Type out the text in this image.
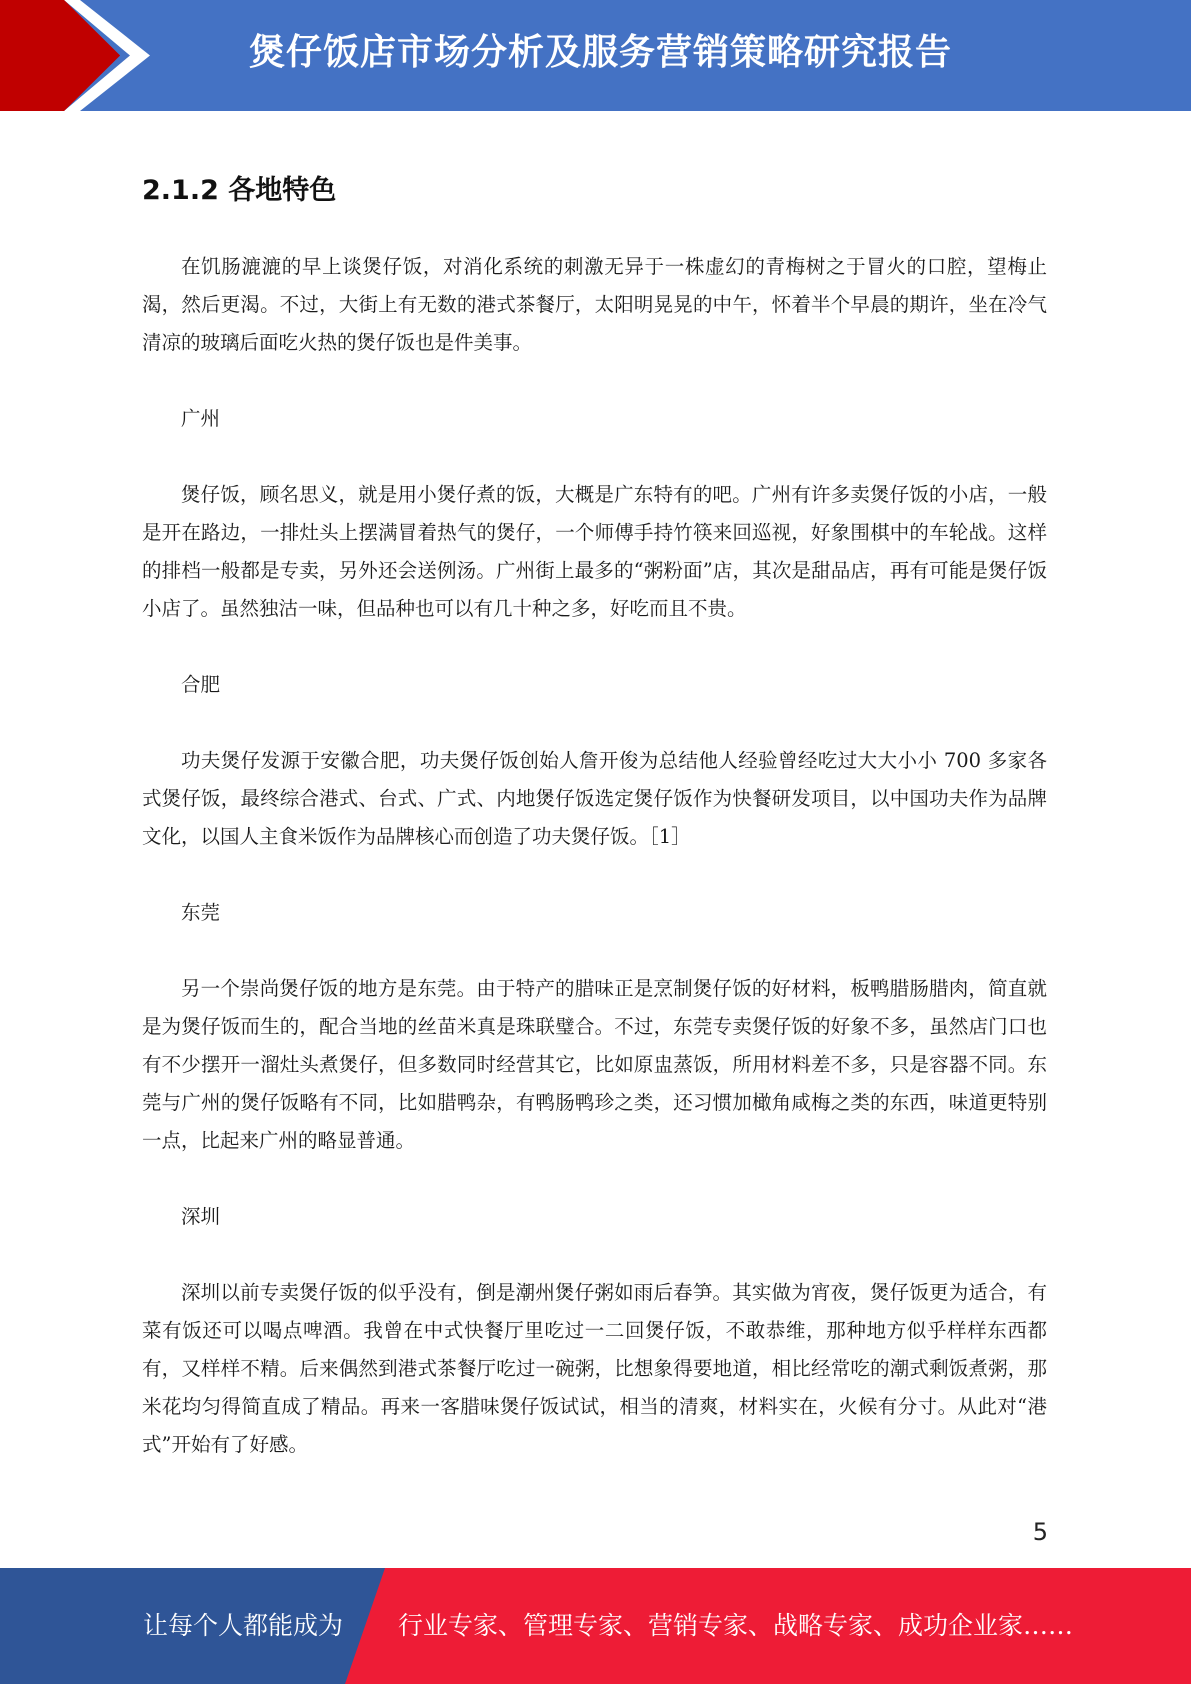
煲仔饭店市场分析及服务营销策略研究报告
2.1.2 各地特色

在饥肠漉漉的早上谈煲仔饭，对消化系统的刺激无异于一株虚幻的青梅树之于冒火的口腔，望梅止渴，然后更渴。不过，大街上有无数的港式茶餐厅，太阳明晃晃的中午，怀着半个早晨的期许，坐在冷气清凉的玻璃后面吃火热的煲仔饭也是件美事。

广州

煲仔饭，顾名思义，就是用小煲仔煮的饭，大概是广东特有的吧。广州有许多卖煲仔饭的小店，一般是开在路边，一排灶头上摆满冒着热气的煲仔，一个师傅手持竹筷来回巡视，好象围棋中的车轮战。这样的排档一般都是专卖，另外还会送例汤。广州街上最多的“粥粉面”店，其次是甜品店，再有可能是煲仔饭小店了。虽然独沽一味，但品种也可以有几十种之多，好吃而且不贵。

合肥

功夫煲仔发源于安徽合肥，功夫煲仔饭创始人詹开俊为总结他人经验曾经吃过大大小小 700 多家各式煲仔饭，最终综合港式、台式、广式、内地煲仔饭选定煲仔饭作为快餐研发项目，以中国功夫作为品牌文化，以国人主食米饭作为品牌核心而创造了功夫煲仔饭。［1］

东莞

另一个崇尚煲仔饭的地方是东莞。由于特产的腊味正是烹制煲仔饭的好材料，板鸭腊肠腊肉，简直就是为煲仔饭而生的，配合当地的丝苗米真是珠联璧合。不过，东莞专卖煲仔饭的好象不多，虽然店门口也有不少摆开一溜灶头煮煲仔，但多数同时经营其它，比如原盅蒸饭，所用材料差不多，只是容器不同。东莞与广州的煲仔饭略有不同，比如腊鸭杂，有鸭肠鸭珍之类，还习惯加橄角咸梅之类的东西，味道更特别一点，比起来广州的略显普通。

深圳

深圳以前专卖煲仔饭的似乎没有，倒是潮州煲仔粥如雨后春笋。其实做为宵夜，煲仔饭更为适合，有菜有饭还可以喝点啤酒。我曾在中式快餐厅里吃过一二回煲仔饭，不敢恭维，那种地方似乎样样东西都有，又样样不精。后来偶然到港式茶餐厅吃过一碗粥，比想象得要地道，相比经常吃的潮式剩饭煮粥，那米花均匀得简直成了精品。再来一客腊味煲仔饭试试，相当的清爽，材料实在，火候有分寸。从此对“港式”开始有了好感。

5
让每个人都能成为 行业专家、管理专家、营销专家、战略专家、成功企业家……
